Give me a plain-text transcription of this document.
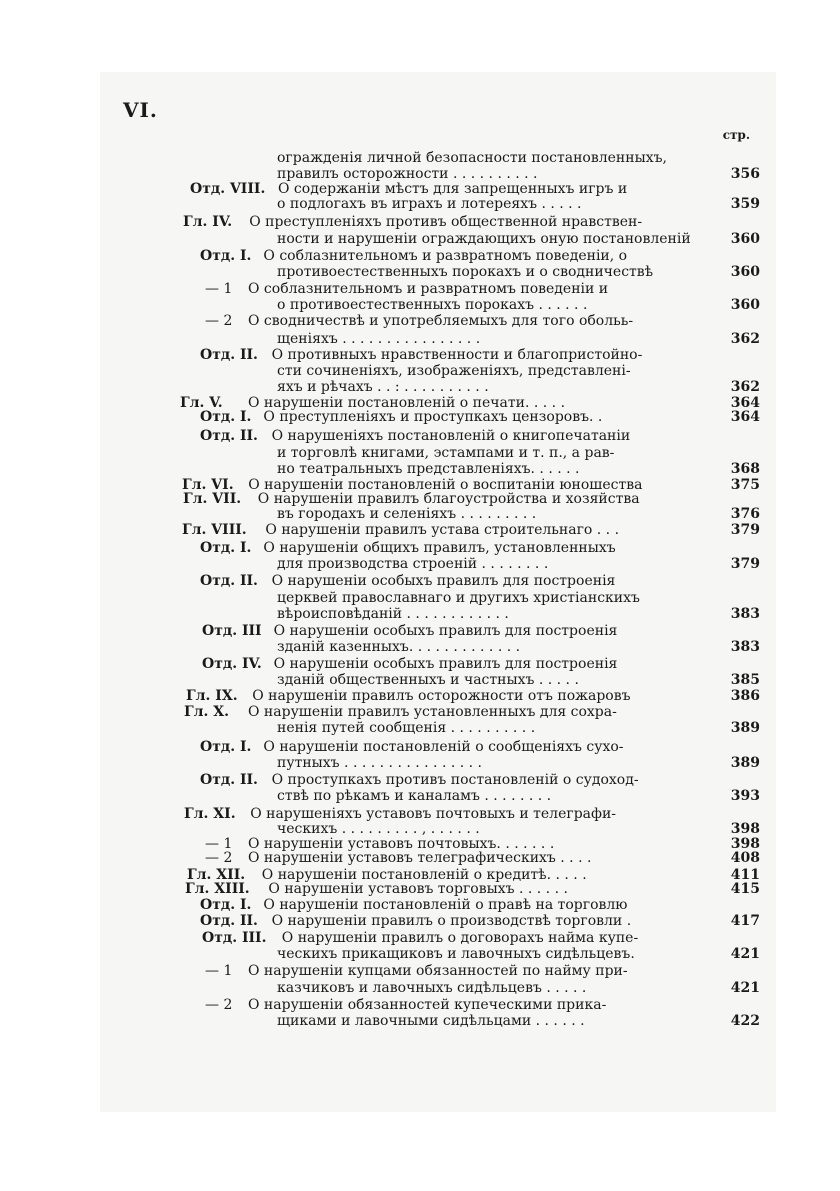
VI.
стр.
огражденія личной безопасности постановленныхъ,
правилъ осторожности . . . . . . . . . .	356
Отд. VIII. О содержаніи мѣстъ для запрещенныхъ игръ и
о подлогахъ въ играхъ и лотереяхъ . . . . .	359
Гл. IV. О преступленіяхъ противъ общественной нравствен-
ности и нарушеніи ограждающихъ оную постановленій	360
Отд. I. О соблазнительномъ и развратномъ поведеніи, о
противоестественныхъ порокахъ и о сводничествѣ	360
— 1 О соблазнительномъ и развратномъ поведеніи и
о противоестественныхъ порокахъ . . . . . .	360
— 2 О сводничествѣ и употребляемыхъ для того обольь-
щеніяхъ . . . . . . . . . . . . . . . .	362
Отд. II. О противныхъ нравственности и благопристойно-
сти сочиненіяхъ, изображеніяхъ, представлені-
яхъ и рѣчахъ . . : . . . . . . . . . .	362
Гл. V. О нарушеніи постановленій о печати. . . . .	364
Отд. I. О преступленіяхъ и проступкахъ цензоровъ. .	364
Отд. II. О нарушеніяхъ постановленій о книгопечатаніи
и торговлѣ книгами, эстампами и т. п., а рав-
но театральныхъ представленіяхъ. . . . . .	368
Гл. VI. О нарушеніи постановленій о воспитаніи юношества	375
Гл. VII. О нарушеніи правилъ благоустройства и хозяйства
въ городахъ и селеніяхъ . . . . . . . . .	376
Гл. VIII. О нарушеніи правилъ устава строительнаго . . .	379
Отд. I. О нарушеніи общихъ правилъ, установленныхъ
для производства строеній . . . . . . . .	379
Отд. II. О нарушеніи особыхъ правилъ для построенія
церквей православнаго и другихъ христіанскихъ
вѣроисповѣданій . . . . . . . . . . . .	383
Отд. III О нарушеніи особыхъ правилъ для построенія
зданій казенныхъ. . . . . . . . . . . . .	383
Отд. IV. О нарушеніи особыхъ правилъ для построенія
зданій общественныхъ и частныхъ . . . . .	385
Гл. IX. О нарушеніи правилъ осторожности отъ пожаровъ	386
Гл. X. О нарушеніи правилъ установленныхъ для сохра-
ненія путей сообщенія . . . . . . . . . .	389
Отд. I. О нарушеніи постановленій о сообщеніяхъ сухо-
путныхъ . . . . . . . . . . . . . . . .	389
Отд. II. О проступкахъ противъ постановленій о судоход-
ствѣ по рѣкамъ и каналамъ . . . . . . . .	393
Гл. XI. О нарушеніяхъ уставовъ почтовыхъ и телеграфи-
ческихъ . . . . . . . . . , . . . . . .	398
— 1 О нарушеніи уставовъ почтовыхъ. . . . . . .	398
— 2 О нарушеніи уставовъ телеграфическихъ . . . .	408
Гл. XII. О нарушеніи постановленій о кредитѣ. . . . .	411
Гл. XIII. О нарушеніи уставовъ торговыхъ . . . . . .	415
Отд. I. О нарушеніи постановленій о правѣ на торговлю
Отд. II. О нарушеніи правилъ о производствѣ торговли .	417
Отд. III. О нарушеніи правилъ о договорахъ найма купе-
ческихъ прикащиковъ и лавочныхъ сидѣльцевъ.	421
— 1 О нарушеніи купцами обязанностей по найму при-
казчиковъ и лавочныхъ сидѣльцевъ . . . . .	421
— 2 О нарушеніи обязанностей купеческими прика-
щиками и лавочными сидѣльцами . . . . . .	422
